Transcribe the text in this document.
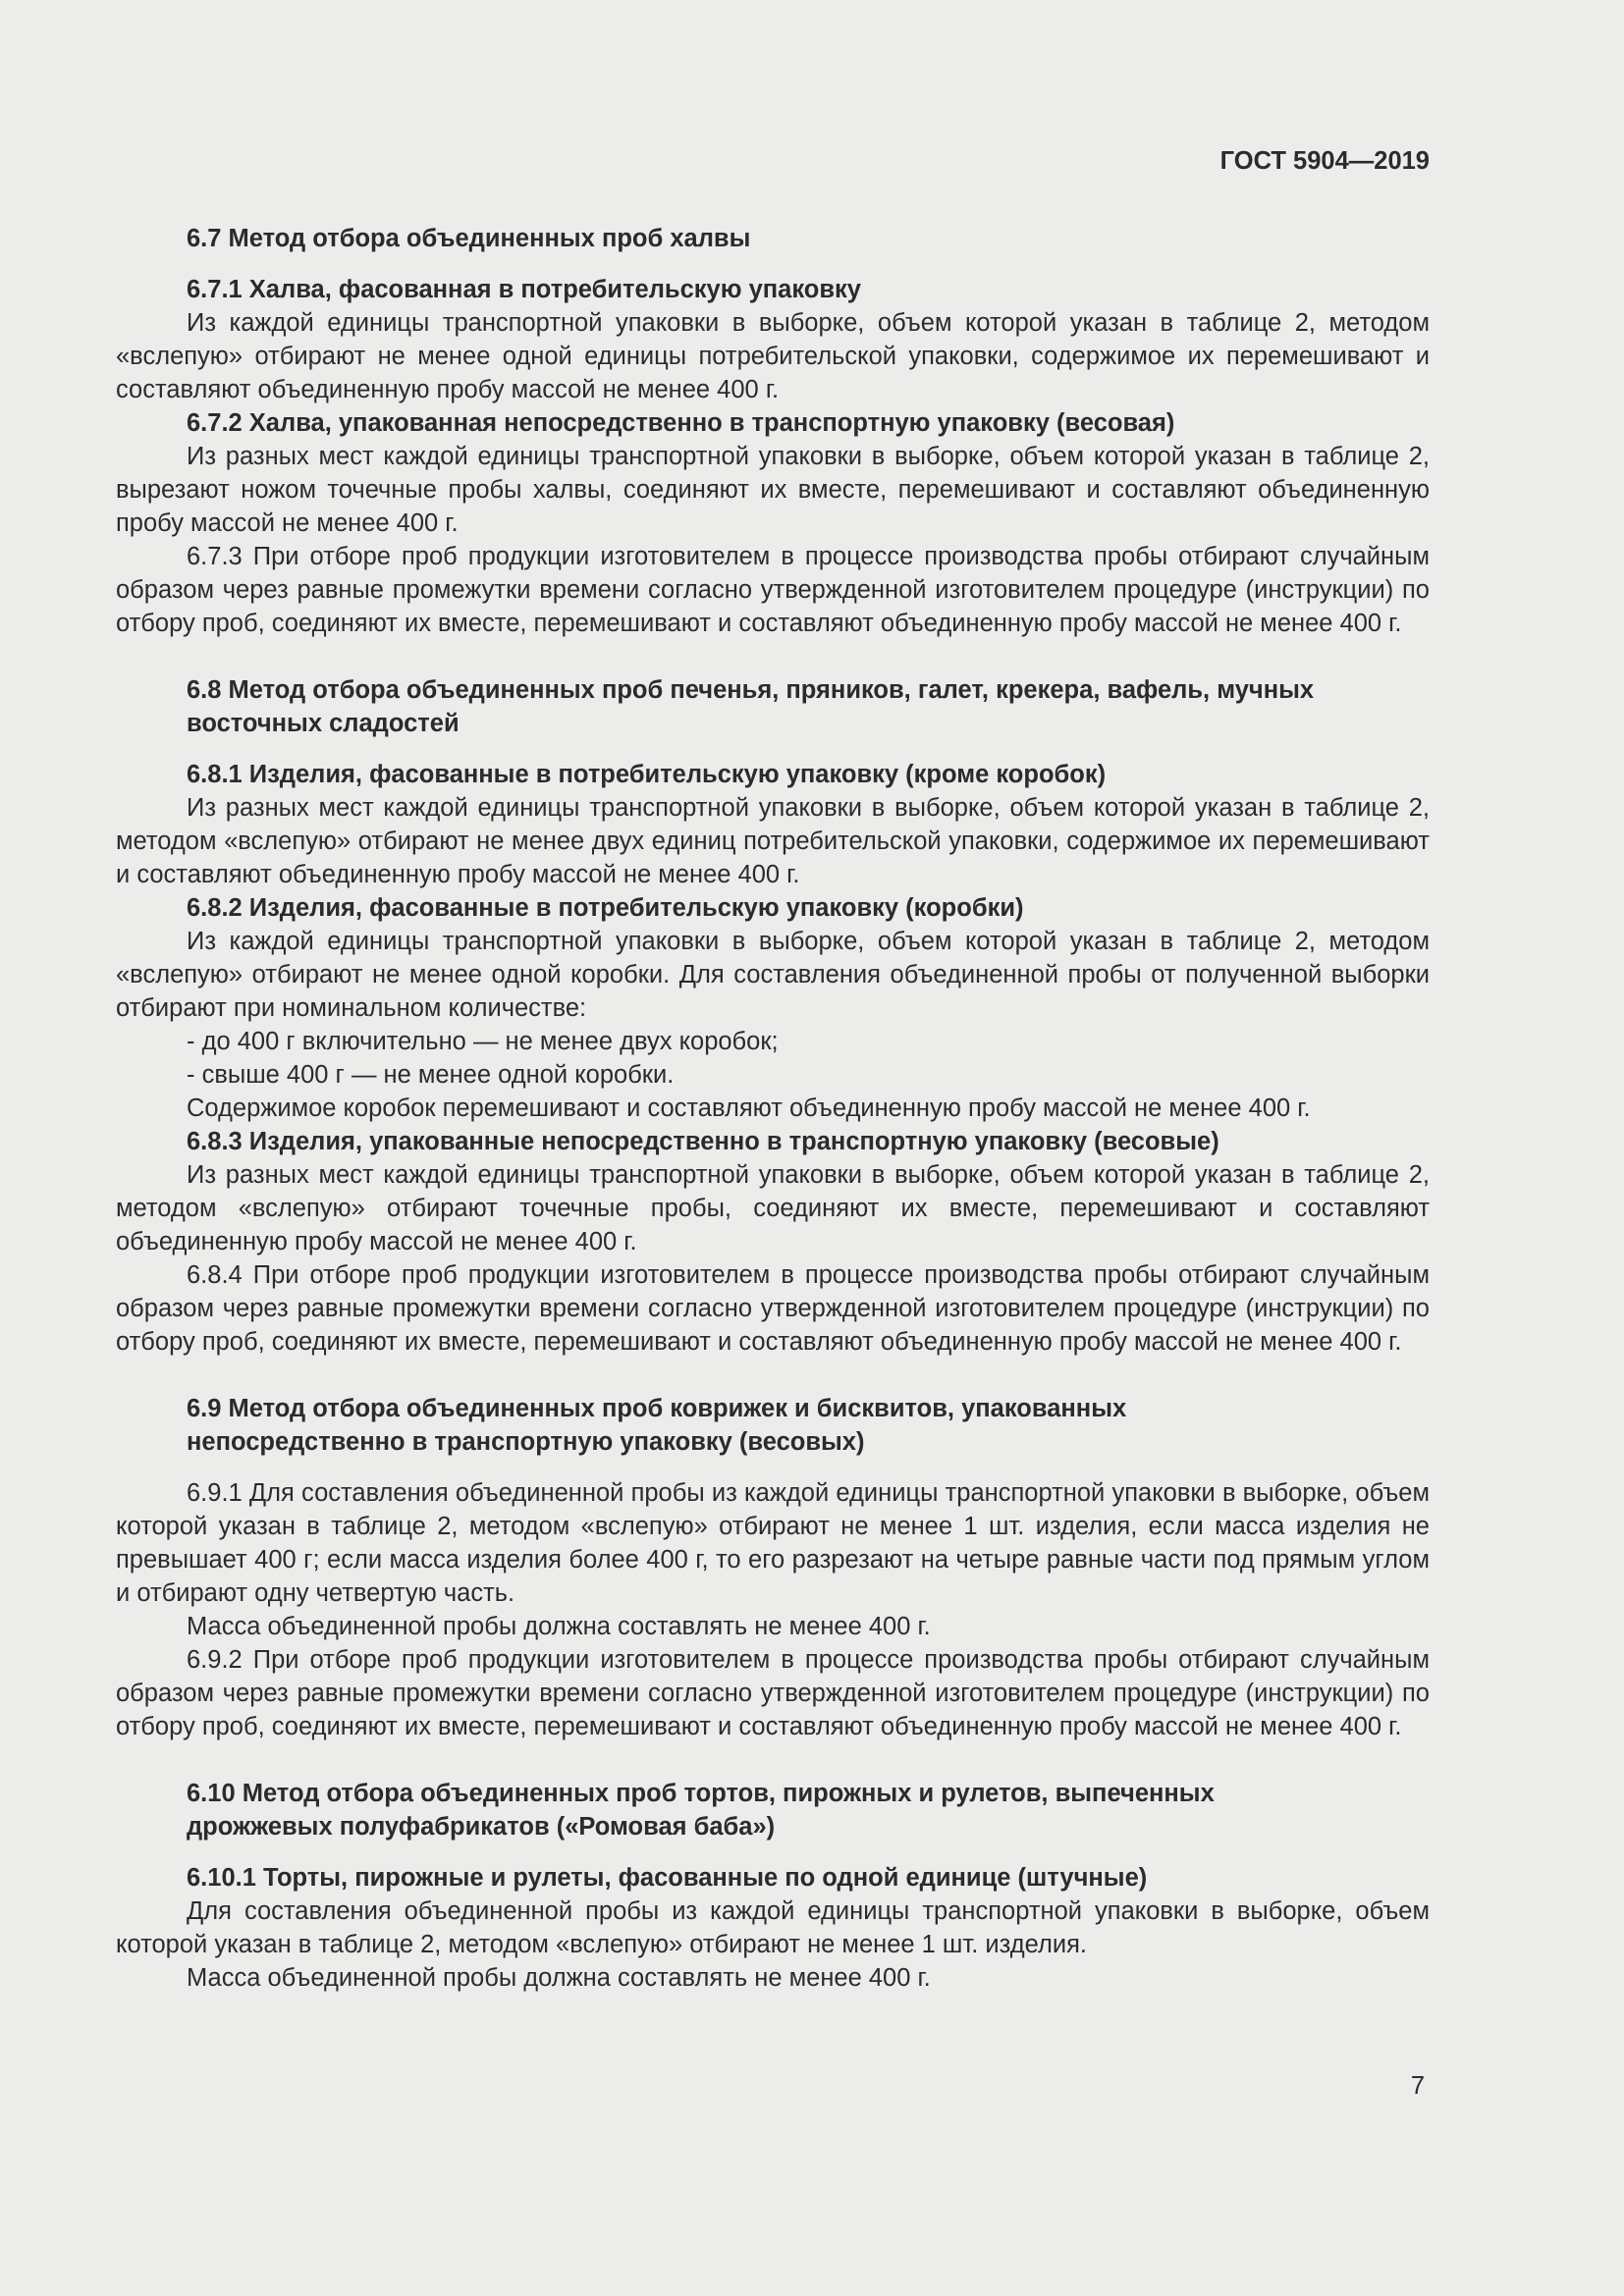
ГОСТ 5904—2019
6.7 Метод отбора объединенных проб халвы
6.7.1 Халва, фасованная в потребительскую упаковку

Из каждой единицы транспортной упаковки в выборке, объем которой указан в таблице 2, методом «вслепую» отбирают не менее одной единицы потребительской упаковки, содержимое их перемешивают и составляют объединенную пробу массой не менее 400 г.

6.7.2 Халва, упакованная непосредственно в транспортную упаковку (весовая)

Из разных мест каждой единицы транспортной упаковки в выборке, объем которой указан в таблице 2, вырезают ножом точечные пробы халвы, соединяют их вместе, перемешивают и составляют объединенную пробу массой не менее 400 г.

6.7.3 При отборе проб продукции изготовителем в процессе производства пробы отбирают случайным образом через равные промежутки времени согласно утвержденной изготовителем процедуре (инструкции) по отбору проб, соединяют их вместе, перемешивают и составляют объединенную пробу массой не менее 400 г.

6.8 Метод отбора объединенных проб печенья, пряников, галет, крекера, вафель, мучных
восточных сладостей
6.8.1 Изделия, фасованные в потребительскую упаковку (кроме коробок)

Из разных мест каждой единицы транспортной упаковки в выборке, объем которой указан в таблице 2, методом «вслепую» отбирают не менее двух единиц потребительской упаковки, содержимое их перемешивают и составляют объединенную пробу массой не менее 400 г.

6.8.2 Изделия, фасованные в потребительскую упаковку (коробки)

Из каждой единицы транспортной упаковки в выборке, объем которой указан в таблице 2, методом «вслепую» отбирают не менее одной коробки. Для составления объединенной пробы от полученной выборки отбирают при номинальном количестве:

- до 400 г включительно — не менее двух коробок;

- свыше 400 г — не менее одной коробки.

Содержимое коробок перемешивают и составляют объединенную пробу массой не менее 400 г.

6.8.3 Изделия, упакованные непосредственно в транспортную упаковку (весовые)

Из разных мест каждой единицы транспортной упаковки в выборке, объем которой указан в таблице 2, методом «вслепую» отбирают точечные пробы, соединяют их вместе, перемешивают и составляют объединенную пробу массой не менее 400 г.

6.8.4 При отборе проб продукции изготовителем в процессе производства пробы отбирают случайным образом через равные промежутки времени согласно утвержденной изготовителем процедуре (инструкции) по отбору проб, соединяют их вместе, перемешивают и составляют объединенную пробу массой не менее 400 г.

6.9 Метод отбора объединенных проб коврижек и бисквитов, упакованных
непосредственно в транспортную упаковку (весовых)

6.9.1 Для составления объединенной пробы из каждой единицы транспортной упаковки в выборке, объем которой указан в таблице 2, методом «вслепую» отбирают не менее 1 шт. изделия, если масса изделия не превышает 400 г; если масса изделия более 400 г, то его разрезают на четыре равные части под прямым углом и отбирают одну четвертую часть.

Масса объединенной пробы должна составлять не менее 400 г.

6.9.2 При отборе проб продукции изготовителем в процессе производства пробы отбирают случайным образом через равные промежутки времени согласно утвержденной изготовителем процедуре (инструкции) по отбору проб, соединяют их вместе, перемешивают и составляют объединенную пробу массой не менее 400 г.

6.10 Метод отбора объединенных проб тортов, пирожных и рулетов, выпеченных
дрожжевых полуфабрикатов («Ромовая баба»)
6.10.1 Торты, пирожные и рулеты, фасованные по одной единице (штучные)

Для составления объединенной пробы из каждой единицы транспортной упаковки в выборке, объем которой указан в таблице 2, методом «вслепую» отбирают не менее 1 шт. изделия.

Масса объединенной пробы должна составлять не менее 400 г.

7
